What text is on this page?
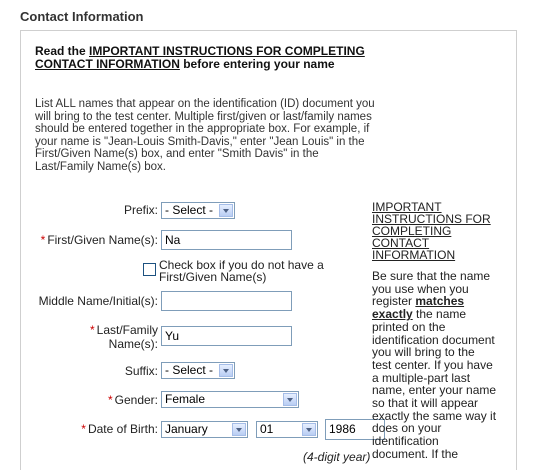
Contact Information
Read the IMPORTANT INSTRUCTIONS FOR COMPLETING CONTACT INFORMATION before entering your name
List ALL names that appear on the identification (ID) document you will bring to the test center. Multiple first/given or last/family names should be entered together in the appropriate box. For example, if your name is "Jean-Louis Smith-Davis," enter "Jean Louis" in the First/Given Name(s) box, and enter "Smith Davis" in the Last/Family Name(s) box.
Prefix: - Select -
* First/Given Name(s): Na
Check box if you do not have a First/Given Name(s)
Middle Name/Initial(s):
* Last/Family
Name(s):
Yu
Suffix: - Select -
* Gender: Female
* Date of Birth: January	01	1986
(4-digit year)
IMPORTANT INSTRUCTIONS FOR COMPLETING CONTACT INFORMATION
Be sure that the name you use when you register matches exactly the name printed on the identification document you will bring to the test center. If you have a multiple-part last name, enter your name so that it will appear exactly the same way it does on your identification document. If the
